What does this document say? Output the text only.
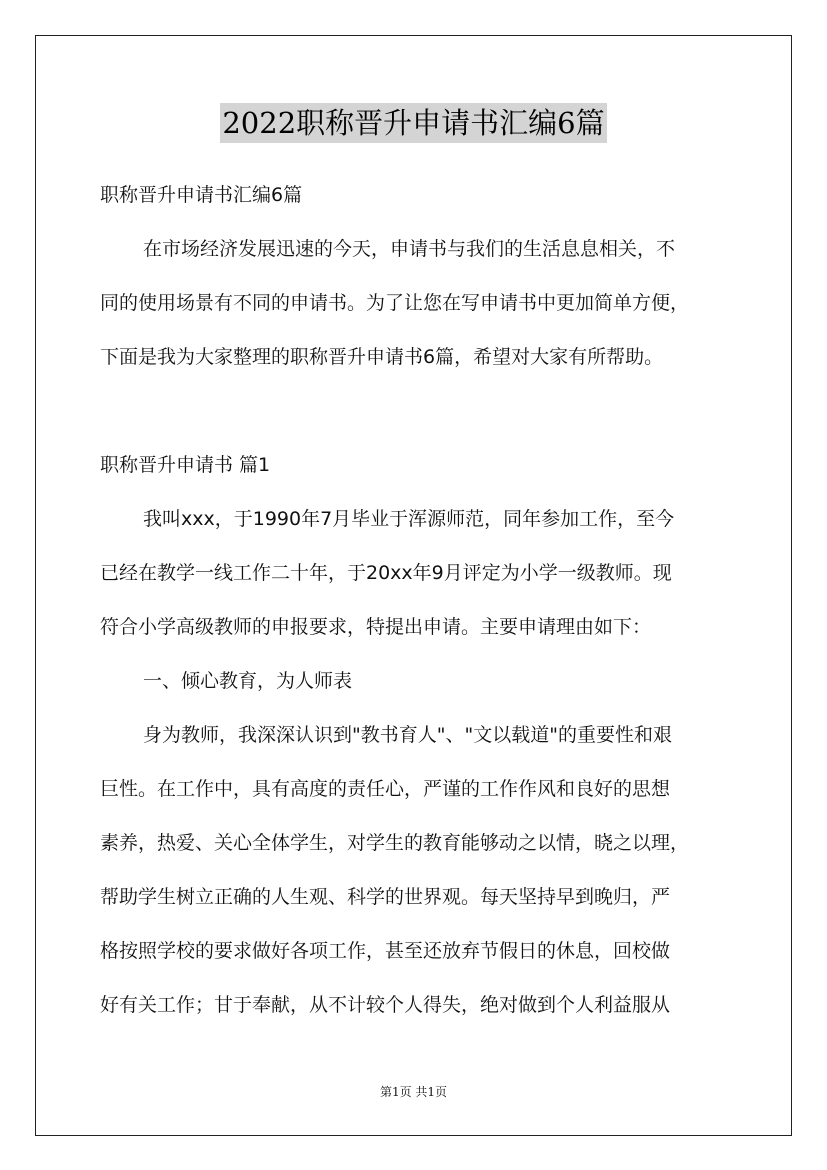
2022职称晋升申请书汇编6篇
职称晋升申请书汇编6篇
在市场经济发展迅速的今天，申请书与我们的生活息息相关，不
同的使用场景有不同的申请书。为了让您在写申请书中更加简单方便，
下面是我为大家整理的职称晋升申请书6篇，希望对大家有所帮助。
职称晋升申请书 篇1
我叫xxx，于1990年7月毕业于浑源师范，同年参加工作，至今
已经在教学一线工作二十年，于20xx年9月评定为小学一级教师。现
符合小学高级教师的申报要求，特提出申请。主要申请理由如下：
一、倾心教育，为人师表
身为教师，我深深认识到"教书育人"、"文以载道"的重要性和艰
巨性。在工作中，具有高度的责任心，严谨的工作作风和良好的思想
素养，热爱、关心全体学生，对学生的教育能够动之以情，晓之以理，
帮助学生树立正确的人生观、科学的世界观。每天坚持早到晚归，严
格按照学校的要求做好各项工作，甚至还放弃节假日的休息，回校做
好有关工作；甘于奉献，从不计较个人得失，绝对做到个人利益服从
第1页 共1页
